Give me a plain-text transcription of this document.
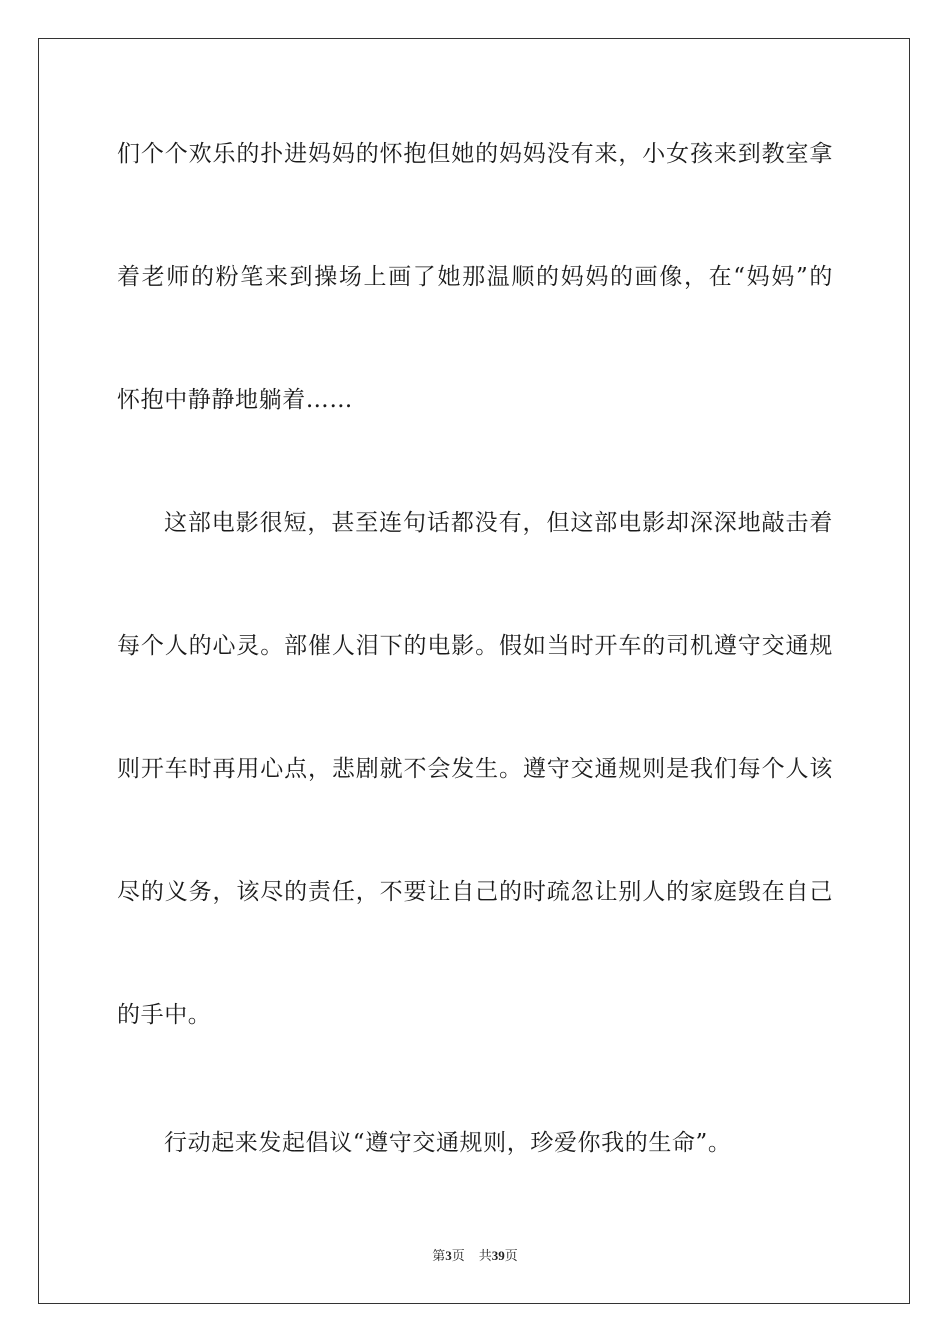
们个个欢乐的扑进妈妈的怀抱但她的妈妈没有来，小女孩来到教室拿
着老师的粉笔来到操场上画了她那温顺的妈妈的画像，在“妈妈”的
怀抱中静静地躺着……
这部电影很短，甚至连句话都没有，但这部电影却深深地敲击着
每个人的心灵。部催人泪下的电影。假如当时开车的司机遵守交通规
则开车时再用心点，悲剧就不会发生。遵守交通规则是我们每个人该
尽的义务，该尽的责任，不要让自己的时疏忽让别人的家庭毁在自己
的手中。
行动起来发起倡议“遵守交通规则，珍爱你我的生命”。
第3页 共39页
